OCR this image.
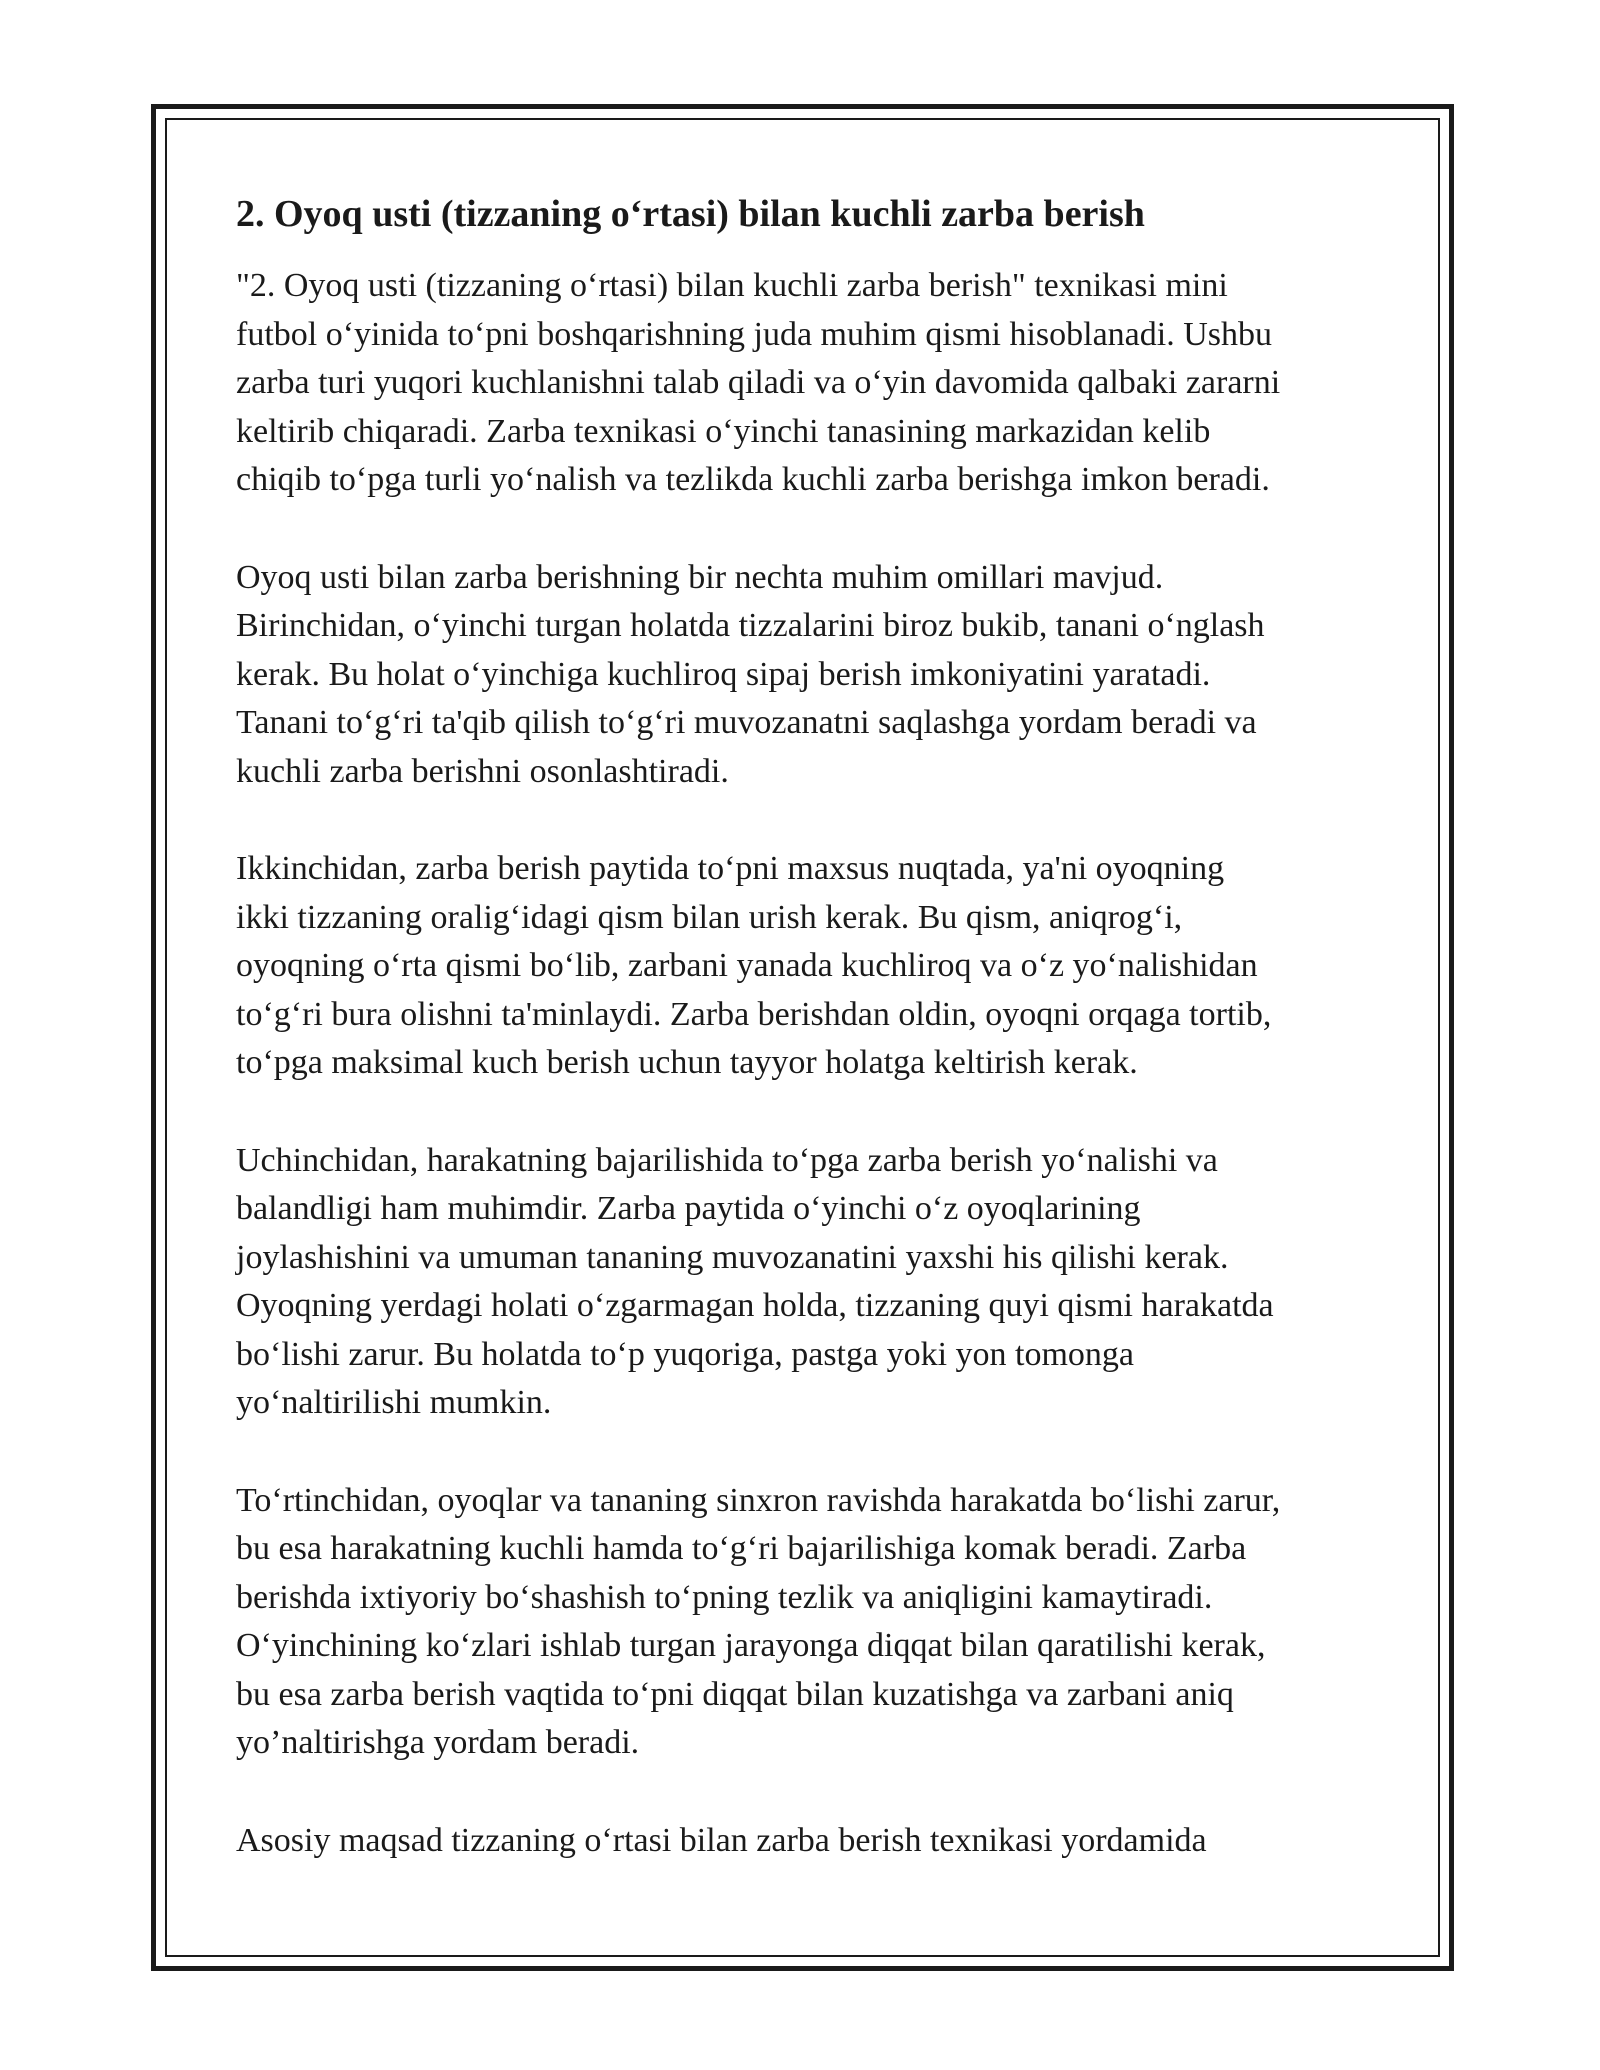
2. Oyoq usti (tizzaning o‘rtasi) bilan kuchli zarba berish

"2. Oyoq usti (tizzaning o‘rtasi) bilan kuchli zarba berish" texnikasi mini
futbol o‘yinida to‘pni boshqarishning juda muhim qismi hisoblanadi. Ushbu
zarba turi yuqori kuchlanishni talab qiladi va o‘yin davomida qalbaki zararni
keltirib chiqaradi. Zarba texnikasi o‘yinchi tanasining markazidan kelib
chiqib to‘pga turli yo‘nalish va tezlikda kuchli zarba berishga imkon beradi.

Oyoq usti bilan zarba berishning bir nechta muhim omillari mavjud.
Birinchidan, o‘yinchi turgan holatda tizzalarini biroz bukib, tanani o‘nglash
kerak. Bu holat o‘yinchiga kuchliroq sipaj berish imkoniyatini yaratadi.
Tanani to‘g‘ri ta'qib qilish to‘g‘ri muvozanatni saqlashga yordam beradi va
kuchli zarba berishni osonlashtiradi.

Ikkinchidan, zarba berish paytida to‘pni maxsus nuqtada, ya'ni oyoqning
ikki tizzaning oralig‘idagi qism bilan urish kerak. Bu qism, aniqrog‘i,
oyoqning o‘rta qismi bo‘lib, zarbani yanada kuchliroq va o‘z yo‘nalishidan
to‘g‘ri bura olishni ta'minlaydi. Zarba berishdan oldin, oyoqni orqaga tortib,
to‘pga maksimal kuch berish uchun tayyor holatga keltirish kerak.

Uchinchidan, harakatning bajarilishida to‘pga zarba berish yo‘nalishi va
balandligi ham muhimdir. Zarba paytida o‘yinchi o‘z oyoqlarining
joylashishini va umuman tananing muvozanatini yaxshi his qilishi kerak.
Oyoqning yerdagi holati o‘zgarmagan holda, tizzaning quyi qismi harakatda
bo‘lishi zarur. Bu holatda to‘p yuqoriga, pastga yoki yon tomonga
yo‘naltirilishi mumkin.

To‘rtinchidan, oyoqlar va tananing sinxron ravishda harakatda bo‘lishi zarur,
bu esa harakatning kuchli hamda to‘g‘ri bajarilishiga komak beradi. Zarba
berishda ixtiyoriy bo‘shashish to‘pning tezlik va aniqligini kamaytiradi.
O‘yinchining ko‘zlari ishlab turgan jarayonga diqqat bilan qaratilishi kerak,
bu esa zarba berish vaqtida to‘pni diqqat bilan kuzatishga va zarbani aniq
yo’naltirishga yordam beradi.

Asosiy maqsad tizzaning o‘rtasi bilan zarba berish texnikasi yordamida
